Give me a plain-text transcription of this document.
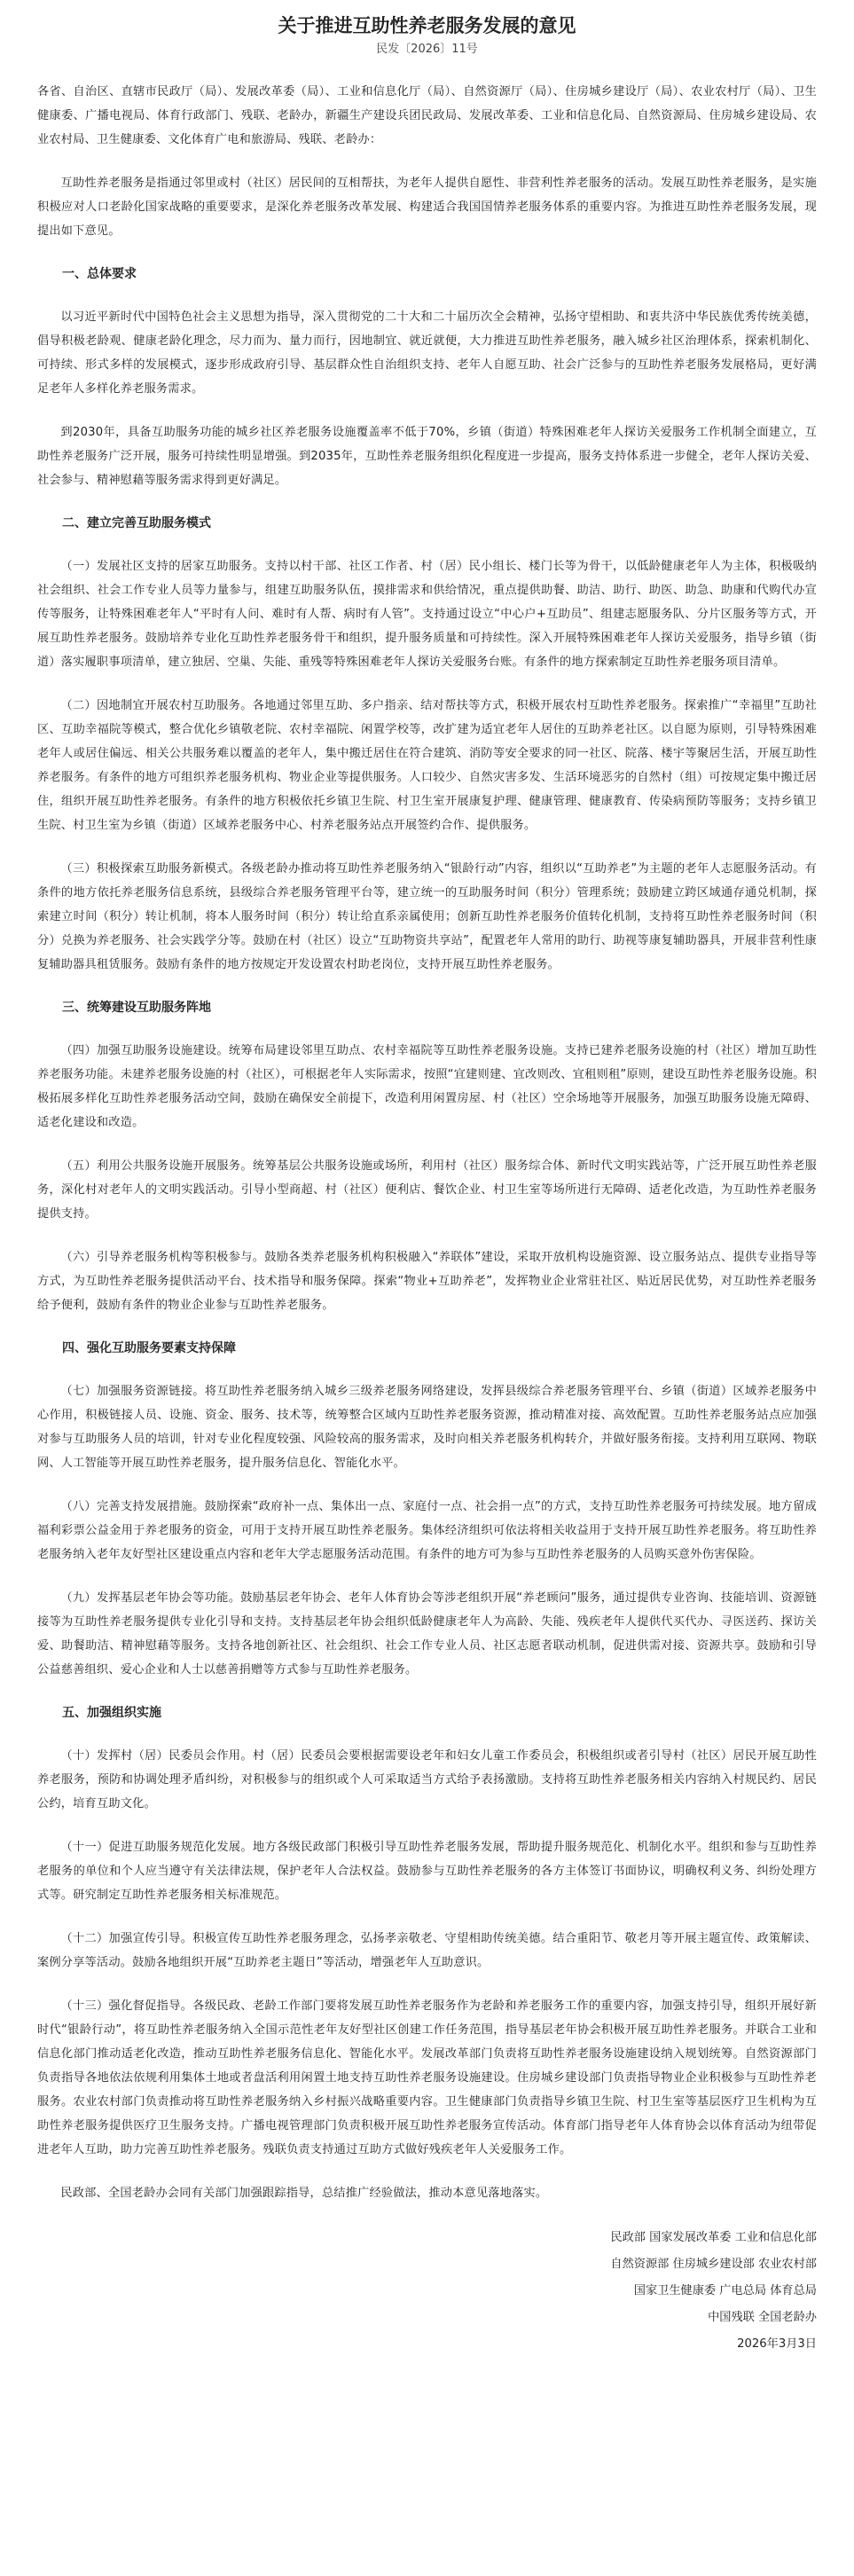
关于推进互助性养老服务发展的意见
民发〔2026〕11号

各省、自治区、直辖市民政厅（局）、发展改革委（局）、工业和信息化厅（局）、自然资源厅（局）、住房城乡建设厅（局）、农业农村厅（局）、卫生健康委、广播电视局、体育行政部门、残联、老龄办，新疆生产建设兵团民政局、发展改革委、工业和信息化局、自然资源局、住房城乡建设局、农业农村局、卫生健康委、文化体育广电和旅游局、残联、老龄办：

互助性养老服务是指通过邻里或村（社区）居民间的互相帮扶，为老年人提供自愿性、非营利性养老服务的活动。发展互助性养老服务，是实施积极应对人口老龄化国家战略的重要要求，是深化养老服务改革发展、构建适合我国国情养老服务体系的重要内容。为推进互助性养老服务发展，现提出如下意见。

一、总体要求

以习近平新时代中国特色社会主义思想为指导，深入贯彻党的二十大和二十届历次全会精神，弘扬守望相助、和衷共济中华民族优秀传统美德，倡导积极老龄观、健康老龄化理念，尽力而为、量力而行，因地制宜、就近就便，大力推进互助性养老服务，融入城乡社区治理体系，探索机制化、可持续、形式多样的发展模式，逐步形成政府引导、基层群众性自治组织支持、老年人自愿互助、社会广泛参与的互助性养老服务发展格局，更好满足老年人多样化养老服务需求。

到2030年，具备互助服务功能的城乡社区养老服务设施覆盖率不低于70%，乡镇（街道）特殊困难老年人探访关爱服务工作机制全面建立，互助性养老服务广泛开展，服务可持续性明显增强。到2035年，互助性养老服务组织化程度进一步提高，服务支持体系进一步健全，老年人探访关爱、社会参与、精神慰藉等服务需求得到更好满足。

二、建立完善互助服务模式

（一）发展社区支持的居家互助服务。支持以村干部、社区工作者、村（居）民小组长、楼门长等为骨干，以低龄健康老年人为主体，积极吸纳社会组织、社会工作专业人员等力量参与，组建互助服务队伍，摸排需求和供给情况，重点提供助餐、助洁、助行、助医、助急、助康和代购代办宣传等服务，让特殊困难老年人“平时有人问、难时有人帮、病时有人管”。支持通过设立“中心户+互助员”、组建志愿服务队、分片区服务等方式，开展互助性养老服务。鼓励培养专业化互助性养老服务骨干和组织，提升服务质量和可持续性。深入开展特殊困难老年人探访关爱服务，指导乡镇（街道）落实履职事项清单，建立独居、空巢、失能、重残等特殊困难老年人探访关爱服务台账。有条件的地方探索制定互助性养老服务项目清单。

（二）因地制宜开展农村互助服务。各地通过邻里互助、多户指亲、结对帮扶等方式，积极开展农村互助性养老服务。探索推广“幸福里”互助社区、互助幸福院等模式，整合优化乡镇敬老院、农村幸福院、闲置学校等，改扩建为适宜老年人居住的互助养老社区。以自愿为原则，引导特殊困难老年人或居住偏远、相关公共服务难以覆盖的老年人，集中搬迁居住在符合建筑、消防等安全要求的同一社区、院落、楼宇等聚居生活，开展互助性养老服务。有条件的地方可组织养老服务机构、物业企业等提供服务。人口较少、自然灾害多发、生活环境恶劣的自然村（组）可按规定集中搬迁居住，组织开展互助性养老服务。有条件的地方积极依托乡镇卫生院、村卫生室开展康复护理、健康管理、健康教育、传染病预防等服务；支持乡镇卫生院、村卫生室为乡镇（街道）区域养老服务中心、村养老服务站点开展签约合作、提供服务。

（三）积极探索互助服务新模式。各级老龄办推动将互助性养老服务纳入“银龄行动”内容，组织以“互助养老”为主题的老年人志愿服务活动。有条件的地方依托养老服务信息系统，县级综合养老服务管理平台等，建立统一的互助服务时间（积分）管理系统；鼓励建立跨区域通存通兑机制，探索建立时间（积分）转让机制，将本人服务时间（积分）转让给直系亲属使用；创新互助性养老服务价值转化机制，支持将互助性养老服务时间（积分）兑换为养老服务、社会实践学分等。鼓励在村（社区）设立“互助物资共享站”，配置老年人常用的助行、助视等康复辅助器具，开展非营利性康复辅助器具租赁服务。鼓励有条件的地方按规定开发设置农村助老岗位，支持开展互助性养老服务。

三、统筹建设互助服务阵地

（四）加强互助服务设施建设。统筹布局建设邻里互助点、农村幸福院等互助性养老服务设施。支持已建养老服务设施的村（社区）增加互助性养老服务功能。未建养老服务设施的村（社区），可根据老年人实际需求，按照“宜建则建、宜改则改、宜租则租”原则，建设互助性养老服务设施。积极拓展多样化互助性养老服务活动空间，鼓励在确保安全前提下，改造利用闲置房屋、村（社区）空余场地等开展服务，加强互助服务设施无障碍、适老化建设和改造。

（五）利用公共服务设施开展服务。统筹基层公共服务设施或场所，利用村（社区）服务综合体、新时代文明实践站等，广泛开展互助性养老服务，深化村对老年人的文明实践活动。引导小型商超、村（社区）便利店、餐饮企业、村卫生室等场所进行无障碍、适老化改造，为互助性养老服务提供支持。

（六）引导养老服务机构等积极参与。鼓励各类养老服务机构积极融入“养联体”建设，采取开放机构设施资源、设立服务站点、提供专业指导等方式，为互助性养老服务提供活动平台、技术指导和服务保障。探索“物业+互助养老”，发挥物业企业常驻社区、贴近居民优势，对互助性养老服务给予便利，鼓励有条件的物业企业参与互助性养老服务。

四、强化互助服务要素支持保障

（七）加强服务资源链接。将互助性养老服务纳入城乡三级养老服务网络建设，发挥县级综合养老服务管理平台、乡镇（街道）区域养老服务中心作用，积极链接人员、设施、资金、服务、技术等，统筹整合区域内互助性养老服务资源，推动精准对接、高效配置。互助性养老服务站点应加强对参与互助服务人员的培训，针对专业化程度较强、风险较高的服务需求，及时向相关养老服务机构转介，并做好服务衔接。支持利用互联网、物联网、人工智能等开展互助性养老服务，提升服务信息化、智能化水平。

（八）完善支持发展措施。鼓励探索“政府补一点、集体出一点、家庭付一点、社会捐一点”的方式，支持互助性养老服务可持续发展。地方留成福利彩票公益金用于养老服务的资金，可用于支持开展互助性养老服务。集体经济组织可依法将相关收益用于支持开展互助性养老服务。将互助性养老服务纳入老年友好型社区建设重点内容和老年大学志愿服务活动范围。有条件的地方可为参与互助性养老服务的人员购买意外伤害保险。

（九）发挥基层老年协会等功能。鼓励基层老年协会、老年人体育协会等涉老组织开展“养老顾问”服务，通过提供专业咨询、技能培训、资源链接等为互助性养老服务提供专业化引导和支持。支持基层老年协会组织低龄健康老年人为高龄、失能、残疾老年人提供代买代办、寻医送药、探访关爱、助餐助洁、精神慰藉等服务。支持各地创新社区、社会组织、社会工作专业人员、社区志愿者联动机制，促进供需对接、资源共享。鼓励和引导公益慈善组织、爱心企业和人士以慈善捐赠等方式参与互助性养老服务。

五、加强组织实施

（十）发挥村（居）民委员会作用。村（居）民委员会要根据需要设老年和妇女儿童工作委员会，积极组织或者引导村（社区）居民开展互助性养老服务，预防和协调处理矛盾纠纷，对积极参与的组织或个人可采取适当方式给予表扬激励。支持将互助性养老服务相关内容纳入村规民约、居民公约，培育互助文化。

（十一）促进互助服务规范化发展。地方各级民政部门积极引导互助性养老服务发展，帮助提升服务规范化、机制化水平。组织和参与互助性养老服务的单位和个人应当遵守有关法律法规，保护老年人合法权益。鼓励参与互助性养老服务的各方主体签订书面协议，明确权利义务、纠纷处理方式等。研究制定互助性养老服务相关标准规范。

（十二）加强宣传引导。积极宣传互助性养老服务理念，弘扬孝亲敬老、守望相助传统美德。结合重阳节、敬老月等开展主题宣传、政策解读、案例分享等活动。鼓励各地组织开展“互助养老主题日”等活动，增强老年人互助意识。

（十三）强化督促指导。各级民政、老龄工作部门要将发展互助性养老服务作为老龄和养老服务工作的重要内容，加强支持引导，组织开展好新时代“银龄行动”，将互助性养老服务纳入全国示范性老年友好型社区创建工作任务范围，指导基层老年协会积极开展互助性养老服务。并联合工业和信息化部门推动适老化改造，推动互助性养老服务信息化、智能化水平。发展改革部门负责将互助性养老服务设施建设纳入规划统筹。自然资源部门负责指导各地依法依规利用集体土地或者盘活利用闲置土地支持互助性养老服务设施建设。住房城乡建设部门负责指导物业企业积极参与互助性养老服务。农业农村部门负责推动将互助性养老服务纳入乡村振兴战略重要内容。卫生健康部门负责指导乡镇卫生院、村卫生室等基层医疗卫生机构为互助性养老服务提供医疗卫生服务支持。广播电视管理部门负责积极开展互助性养老服务宣传活动。体育部门指导老年人体育协会以体育活动为纽带促进老年人互助，助力完善互助性养老服务。残联负责支持通过互助方式做好残疾老年人关爱服务工作。

民政部、全国老龄办会同有关部门加强跟踪指导，总结推广经验做法，推动本意见落地落实。

民政部 国家发展改革委 工业和信息化部

自然资源部 住房城乡建设部 农业农村部

国家卫生健康委 广电总局 体育总局

中国残联 全国老龄办

2026年3月3日
